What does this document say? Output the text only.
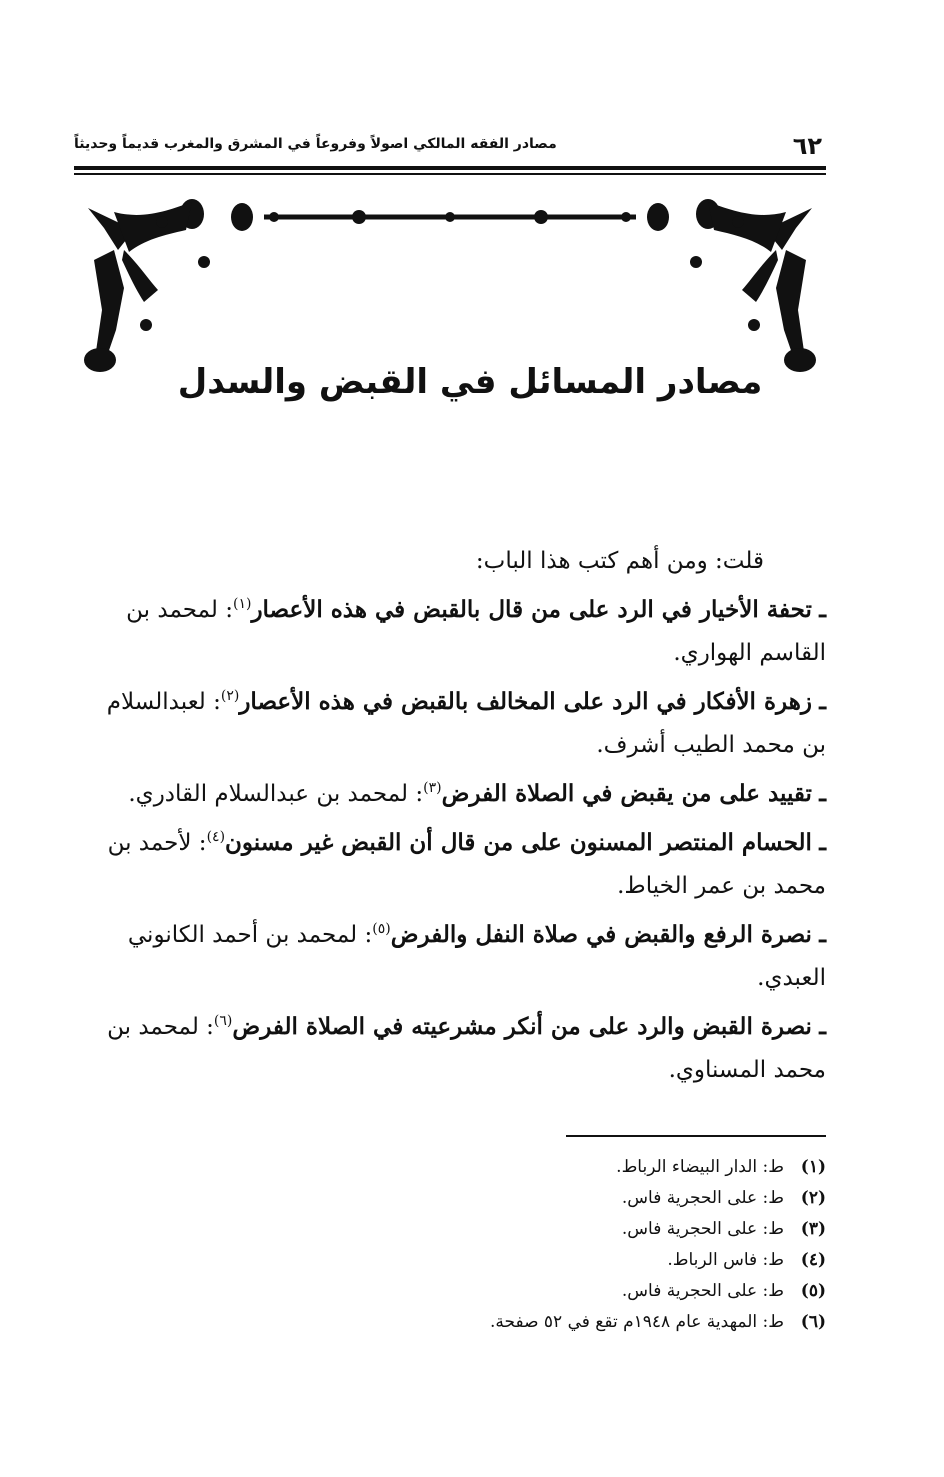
٦٢
مصادر الفقه المالكي اصولاً وفروعاً في المشرق والمغرب قديماً وحديثاً
مصادر المسائل في القبض والسدل

قلت: ومن أهم كتب هذا الباب:

ـ تحفة الأخيار في الرد على من قال بالقبض في هذه الأعصار$^{(١)}$: لمحمد بن القاسم الهواري.

ـ زهرة الأفكار في الرد على المخالف بالقبض في هذه الأعصار$^{(٢)}$: لعبدالسلام بن محمد الطيب أشرف.

ـ تقييد على من يقبض في الصلاة الفرض$^{(٣)}$: لمحمد بن عبدالسلام القادري.

ـ الحسام المنتصر المسنون على من قال أن القبض غير مسنون$^{(٤)}$: لأحمد بن محمد بن عمر الخياط.

ـ نصرة الرفع والقبض في صلاة النفل والفرض$^{(٥)}$: لمحمد بن أحمد الكانوني العبدي.

ـ نصرة القبض والرد على من أنكر مشرعيته في الصلاة الفرض$^{(٦)}$: لمحمد بن محمد المسناوي.

(١)ط: الدار البيضاء الرباط.
(٢)ط: على الحجرية فاس.
(٣)ط: على الحجرية فاس.
(٤)ط: فاس الرباط.
(٥)ط: على الحجرية فاس.
(٦)ط: المهدية عام ١٩٤٨م تقع في ٥٢ صفحة.
